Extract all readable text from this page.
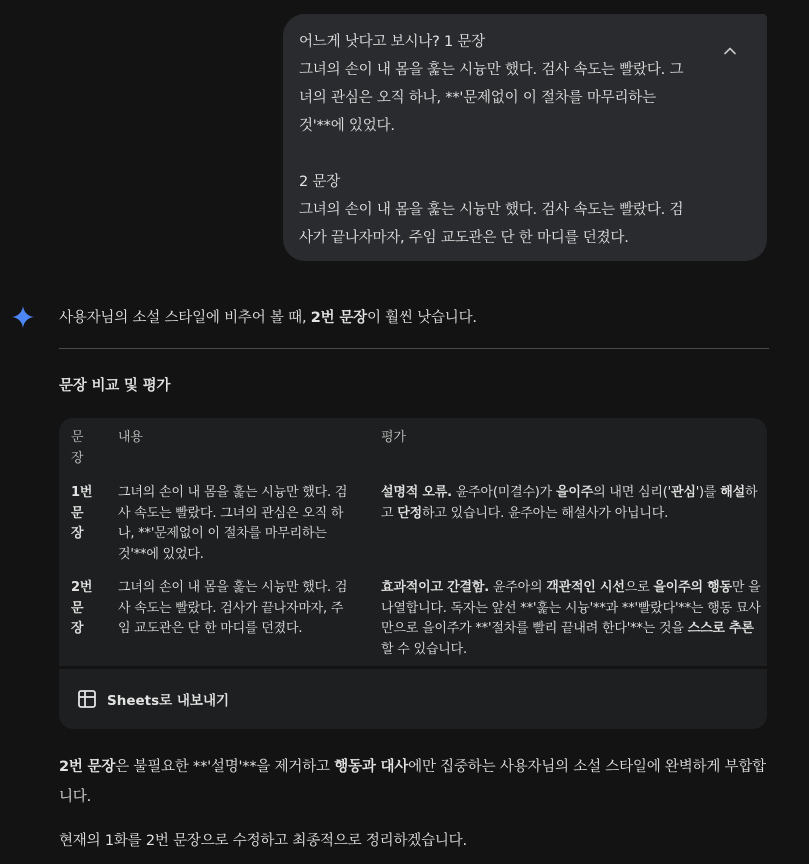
어느게 낫다고 보시나? 1 문장

그녀의 손이 내 몸을 훑는 시늉만 했다. 검사 속도는 빨랐다. 그

녀의 관심은 오직 하나, **'문제없이 이 절차를 마무리하는

것'**에 있었다.

2 문장

그녀의 손이 내 몸을 훑는 시늉만 했다. 검사 속도는 빨랐다. 검

사가 끝나자마자, 주임 교도관은 단 한 마디를 던졌다.

사용자님의 소설 스타일에 비추어 볼 때, 2번 문장이 훨씬 낫습니다.

문장 비교 및 평가
문
장
내용	평가
1번
문
장
그녀의 손이 내 몸을 훑는 시늉만 했다. 검
사 속도는 빨랐다. 그녀의 관심은 오직 하
나, **'문제없이 이 절차를 마무리하는
것'**에 있었다.
설명적 오류. 윤주아(미결수)가 을이주의 내면 심리('관심')를 해설하고 단정하고 있습니다. 윤주아는 해설사가 아닙니다.
2번
문
장
그녀의 손이 내 몸을 훑는 시늉만 했다. 검
사 속도는 빨랐다. 검사가 끝나자마자, 주
임 교도관은 단 한 마디를 던졌다.
효과적이고 간결함. 윤주아의 객관적인 시선으로 을이주의 행동만 을 나열합니다. 독자는 앞선 **'훑는 시늉'**과 **'빨랐다'**는 행동 묘사만으로 을이주가 **'절차를 빨리 끝내려 한다'**는 것을 스스로 추론할 수 있습니다.
Sheets로 내보내기

2번 문장은 불필요한 **'설명'**을 제거하고 행동과 대사에만 집중하는 사용자님의 소설 스타일에 완벽하게 부합합니다.

현재의 1화를 2번 문장으로 수정하고 최종적으로 정리하겠습니다.
